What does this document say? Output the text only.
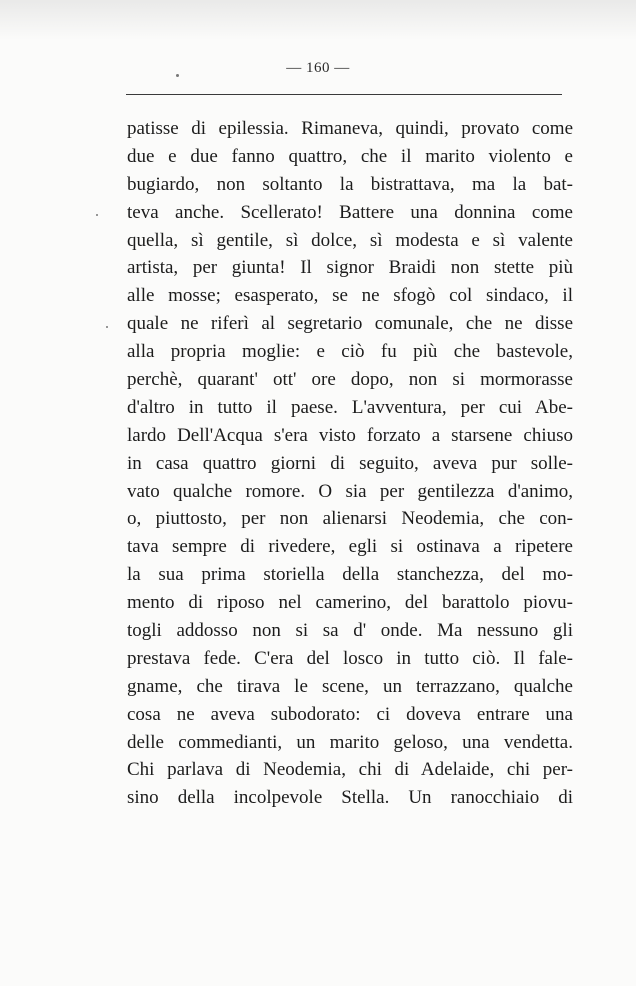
— 160 —
patisse di epilessia. Rimaneva, quindi, provato come
due e due fanno quattro, che il marito violento e
bugiardo, non soltanto la bistrattava, ma la bat-
teva anche. Scellerato! Battere una donnina come
quella, sì gentile, sì dolce, sì modesta e sì valente
artista, per giunta! Il signor Braidi non stette più
alle mosse; esasperato, se ne sfogò col sindaco, il
quale ne riferì al segretario comunale, che ne disse
alla propria moglie: e ciò fu più che bastevole,
perchè, quarant' ott' ore dopo, non si mormorasse
d'altro in tutto il paese. L'avventura, per cui Abe-
lardo Dell'Acqua s'era visto forzato a starsene chiuso
in casa quattro giorni di seguito, aveva pur solle-
vato qualche romore. O sia per gentilezza d'animo,
o, piuttosto, per non alienarsi Neodemia, che con-
tava sempre di rivedere, egli si ostinava a ripetere
la sua prima storiella della stanchezza, del mo-
mento di riposo nel camerino, del barattolo piovu-
togli addosso non si sa d' onde. Ma nessuno gli
prestava fede. C'era del losco in tutto ciò. Il fale-
gname, che tirava le scene, un terrazzano, qualche
cosa ne aveva subodorato: ci doveva entrare una
delle commedianti, un marito geloso, una vendetta.
Chi parlava di Neodemia, chi di Adelaide, chi per-
sino della incolpevole Stella. Un ranocchiaio di
